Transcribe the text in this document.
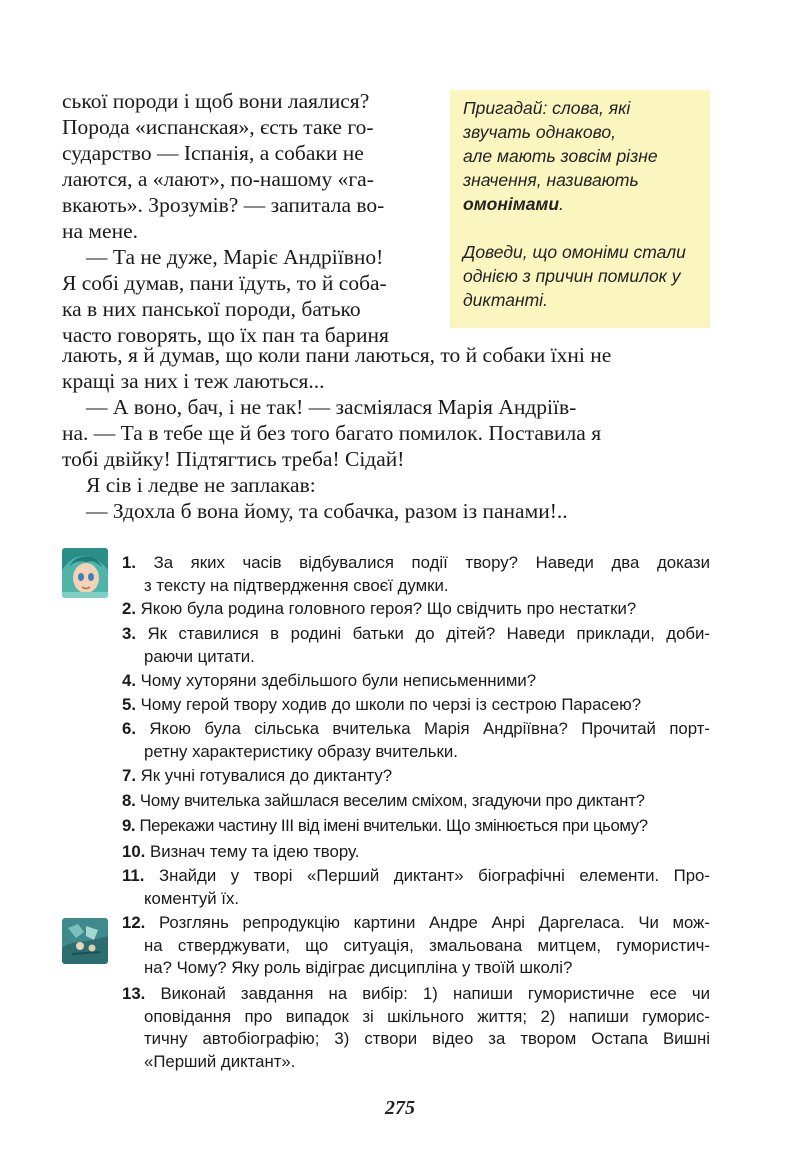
ської породи і щоб вони лаялися?
Порода «испанская», єсть таке го-
сударство — Іспанія, а собаки не
лаются, а «лают», по-нашому «га-
вкають». Зрозумів? — запитала во-
на мене.
— Та не дуже, Маріє Андріївно!
Я собі думав, пани їдуть, то й соба-
ка в них панської породи, батько
часто говорять, що їх пан та бариня
лають, я й думав, що коли пани лаються, то й собаки їхні не
кращі за них і теж лаються...
— А воно, бач, і не так! — засміялася Марія Андріїв-
на. — Та в тебе ще й без того багато помилок. Поставила я
тобі двійку! Підтягтись треба! Сідай!
Я сів і ледве не заплакав:
— Здохла б вона йому, та собачка, разом із панами!..

Пригадай: слова, які

звучать однаково,

але мають зовсім різне

значення, називають

омонімами.

Доведи, що омоніми стали

однією з причин помилок у

диктанті.

1. За яких часів відбувалися події твору? Наведи два докази
з тексту на підтвердження своєї думки.
2. Якою була родина головного героя? Що свідчить про нестатки?
3. Як ставилися в родині батьки до дітей? Наведи приклади, доби-
раючи цитати.
4. Чому хуторяни здебільшого були неписьменними?
5. Чому герой твору ходив до школи по черзі із сестрою Парасею?
6. Якою була сільська вчителька Марія Андріївна? Прочитай порт-
ретну характеристику образу вчительки.
7. Як учні готувалися до диктанту?
8. Чому вчителька зайшлася веселим сміхом, згадуючи про диктант?
9. Перекажи частину III від імені вчительки. Що змінюється при цьому?
10. Визнач тему та ідею твору.
11. Знайди у творі «Перший диктант» біографічні елементи. Про-
коментуй їх.
12. Розглянь репродукцію картини Андре Анрі Даргеласа. Чи мож-
на стверджувати, що ситуація, змальована митцем, гумористич-
на? Чому? Яку роль відіграє дисципліна у твоїй школі?
13. Виконай завдання на вибір: 1) напиши гумористичне есе чи
оповідання про випадок зі шкільного життя; 2) напиши гуморис-
тичну автобіографію; 3) створи відео за твором Остапа Вишні
«Перший диктант».
275
